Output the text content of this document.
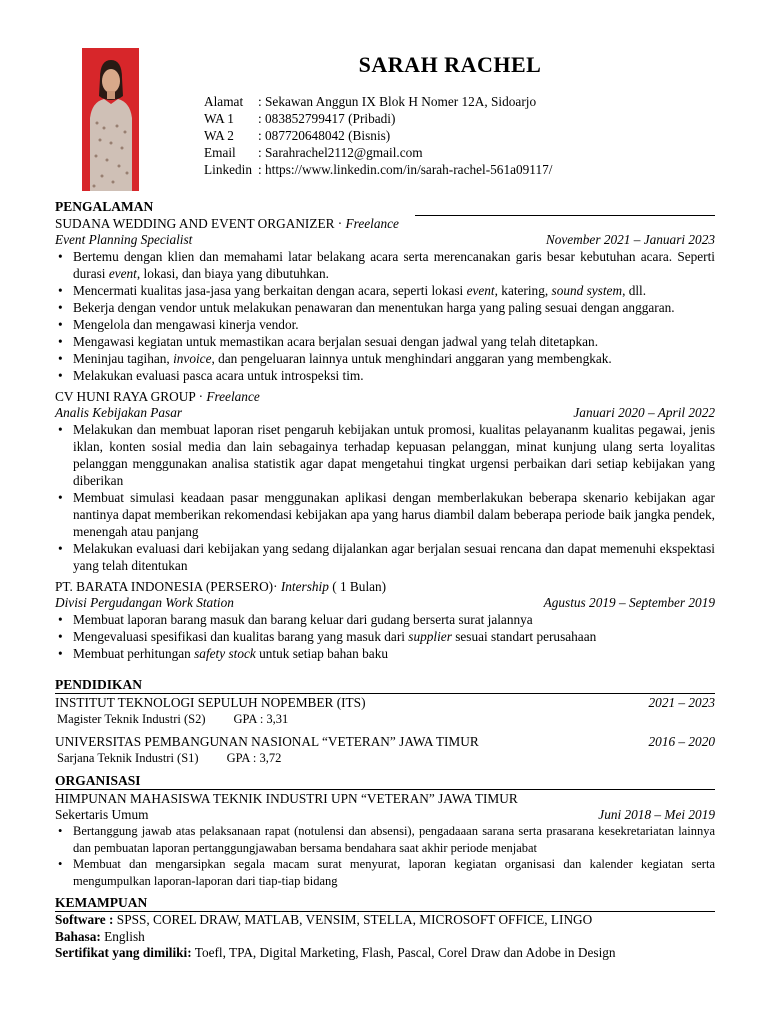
SARAH RACHEL
Alamat	: Sekawan Anggun IX Blok H Nomer 12A, Sidoarjo
WA 1	: 083852799417 (Pribadi)
WA 2	: 087720648042 (Bisnis)
Email	: Sarahrachel2112@gmail.com
Linkedin : https://www.linkedin.com/in/sarah-rachel-561a09117/
PENGALAMAN
SUDANA WEDDING AND EVENT ORGANIZER · Freelance
Event Planning Specialist	November 2021 – Januari 2023
• Bertemu dengan klien dan memahami latar belakang acara serta merencanakan garis besar kebutuhan acara. Seperti durasi event, lokasi, dan biaya yang dibutuhkan.
• Mencermati kualitas jasa-jasa yang berkaitan dengan acara, seperti lokasi event, katering, sound system, dll.
• Bekerja dengan vendor untuk melakukan penawaran dan menentukan harga yang paling sesuai dengan anggaran.
• Mengelola dan mengawasi kinerja vendor.
• Mengawasi kegiatan untuk memastikan acara berjalan sesuai dengan jadwal yang telah ditetapkan.
• Meninjau tagihan, invoice, dan pengeluaran lainnya untuk menghindari anggaran yang membengkak.
• Melakukan evaluasi pasca acara untuk introspeksi tim.
CV HUNI RAYA GROUP · Freelance
Analis Kebijakan Pasar	Januari 2020 – April 2022
• Melakukan dan membuat laporan riset pengaruh kebijakan untuk promosi, kualitas pelayananm kualitas pegawai, jenis iklan, konten sosial media dan lain sebagainya terhadap kepuasan pelanggan, minat kunjung ulang serta loyalitas pelanggan menggunakan analisa statistik agar dapat mengetahui tingkat urgensi perbaikan dari setiap kebijakan yang diberikan
• Membuat simulasi keadaan pasar menggunakan aplikasi dengan memberlakukan beberapa skenario kebijakan agar nantinya dapat memberikan rekomendasi kebijakan apa yang harus diambil dalam beberapa periode baik jangka pendek, menengah atau panjang
• Melakukan evaluasi dari kebijakan yang sedang dijalankan agar berjalan sesuai rencana dan dapat memenuhi ekspektasi yang telah ditentukan
PT. BARATA INDONESIA (PERSERO)· Intership ( 1 Bulan)
Divisi Pergudangan Work Station	Agustus 2019 – September 2019
• Membuat laporan barang masuk dan barang keluar dari gudang berserta surat jalannya
• Mengevaluasi spesifikasi dan kualitas barang yang masuk dari supplier sesuai standart perusahaan
• Membuat perhitungan safety stock untuk setiap bahan baku
PENDIDIKAN
INSTITUT TEKNOLOGI SEPULUH NOPEMBER (ITS)	2021 – 2023
Magister Teknik Industri (S2) GPA : 3,31
UNIVERSITAS PEMBANGUNAN NASIONAL “VETERAN” JAWA TIMUR	2016 – 2020
Sarjana Teknik Industri (S1) GPA : 3,72
ORGANISASI
HIMPUNAN MAHASISWA TEKNIK INDUSTRI UPN “VETERAN” JAWA TIMUR
Sekertaris Umum	Juni 2018 – Mei 2019
• Bertanggung jawab atas pelaksanaan rapat (notulensi dan absensi), pengadaaan sarana serta prasarana kesekretariatan lainnya dan pembuatan laporan pertanggungjawaban bersama bendahara saat akhir periode menjabat
• Membuat dan mengarsipkan segala macam surat menyurat, laporan kegiatan organisasi dan kalender kegiatan serta mengumpulkan laporan-laporan dari tiap-tiap bidang
KEMAMPUAN
Software : SPSS, COREL DRAW, MATLAB, VENSIM, STELLA, MICROSOFT OFFICE, LINGO
Bahasa: English
Sertifikat yang dimiliki: Toefl, TPA, Digital Marketing, Flash, Pascal, Corel Draw dan Adobe in Design
